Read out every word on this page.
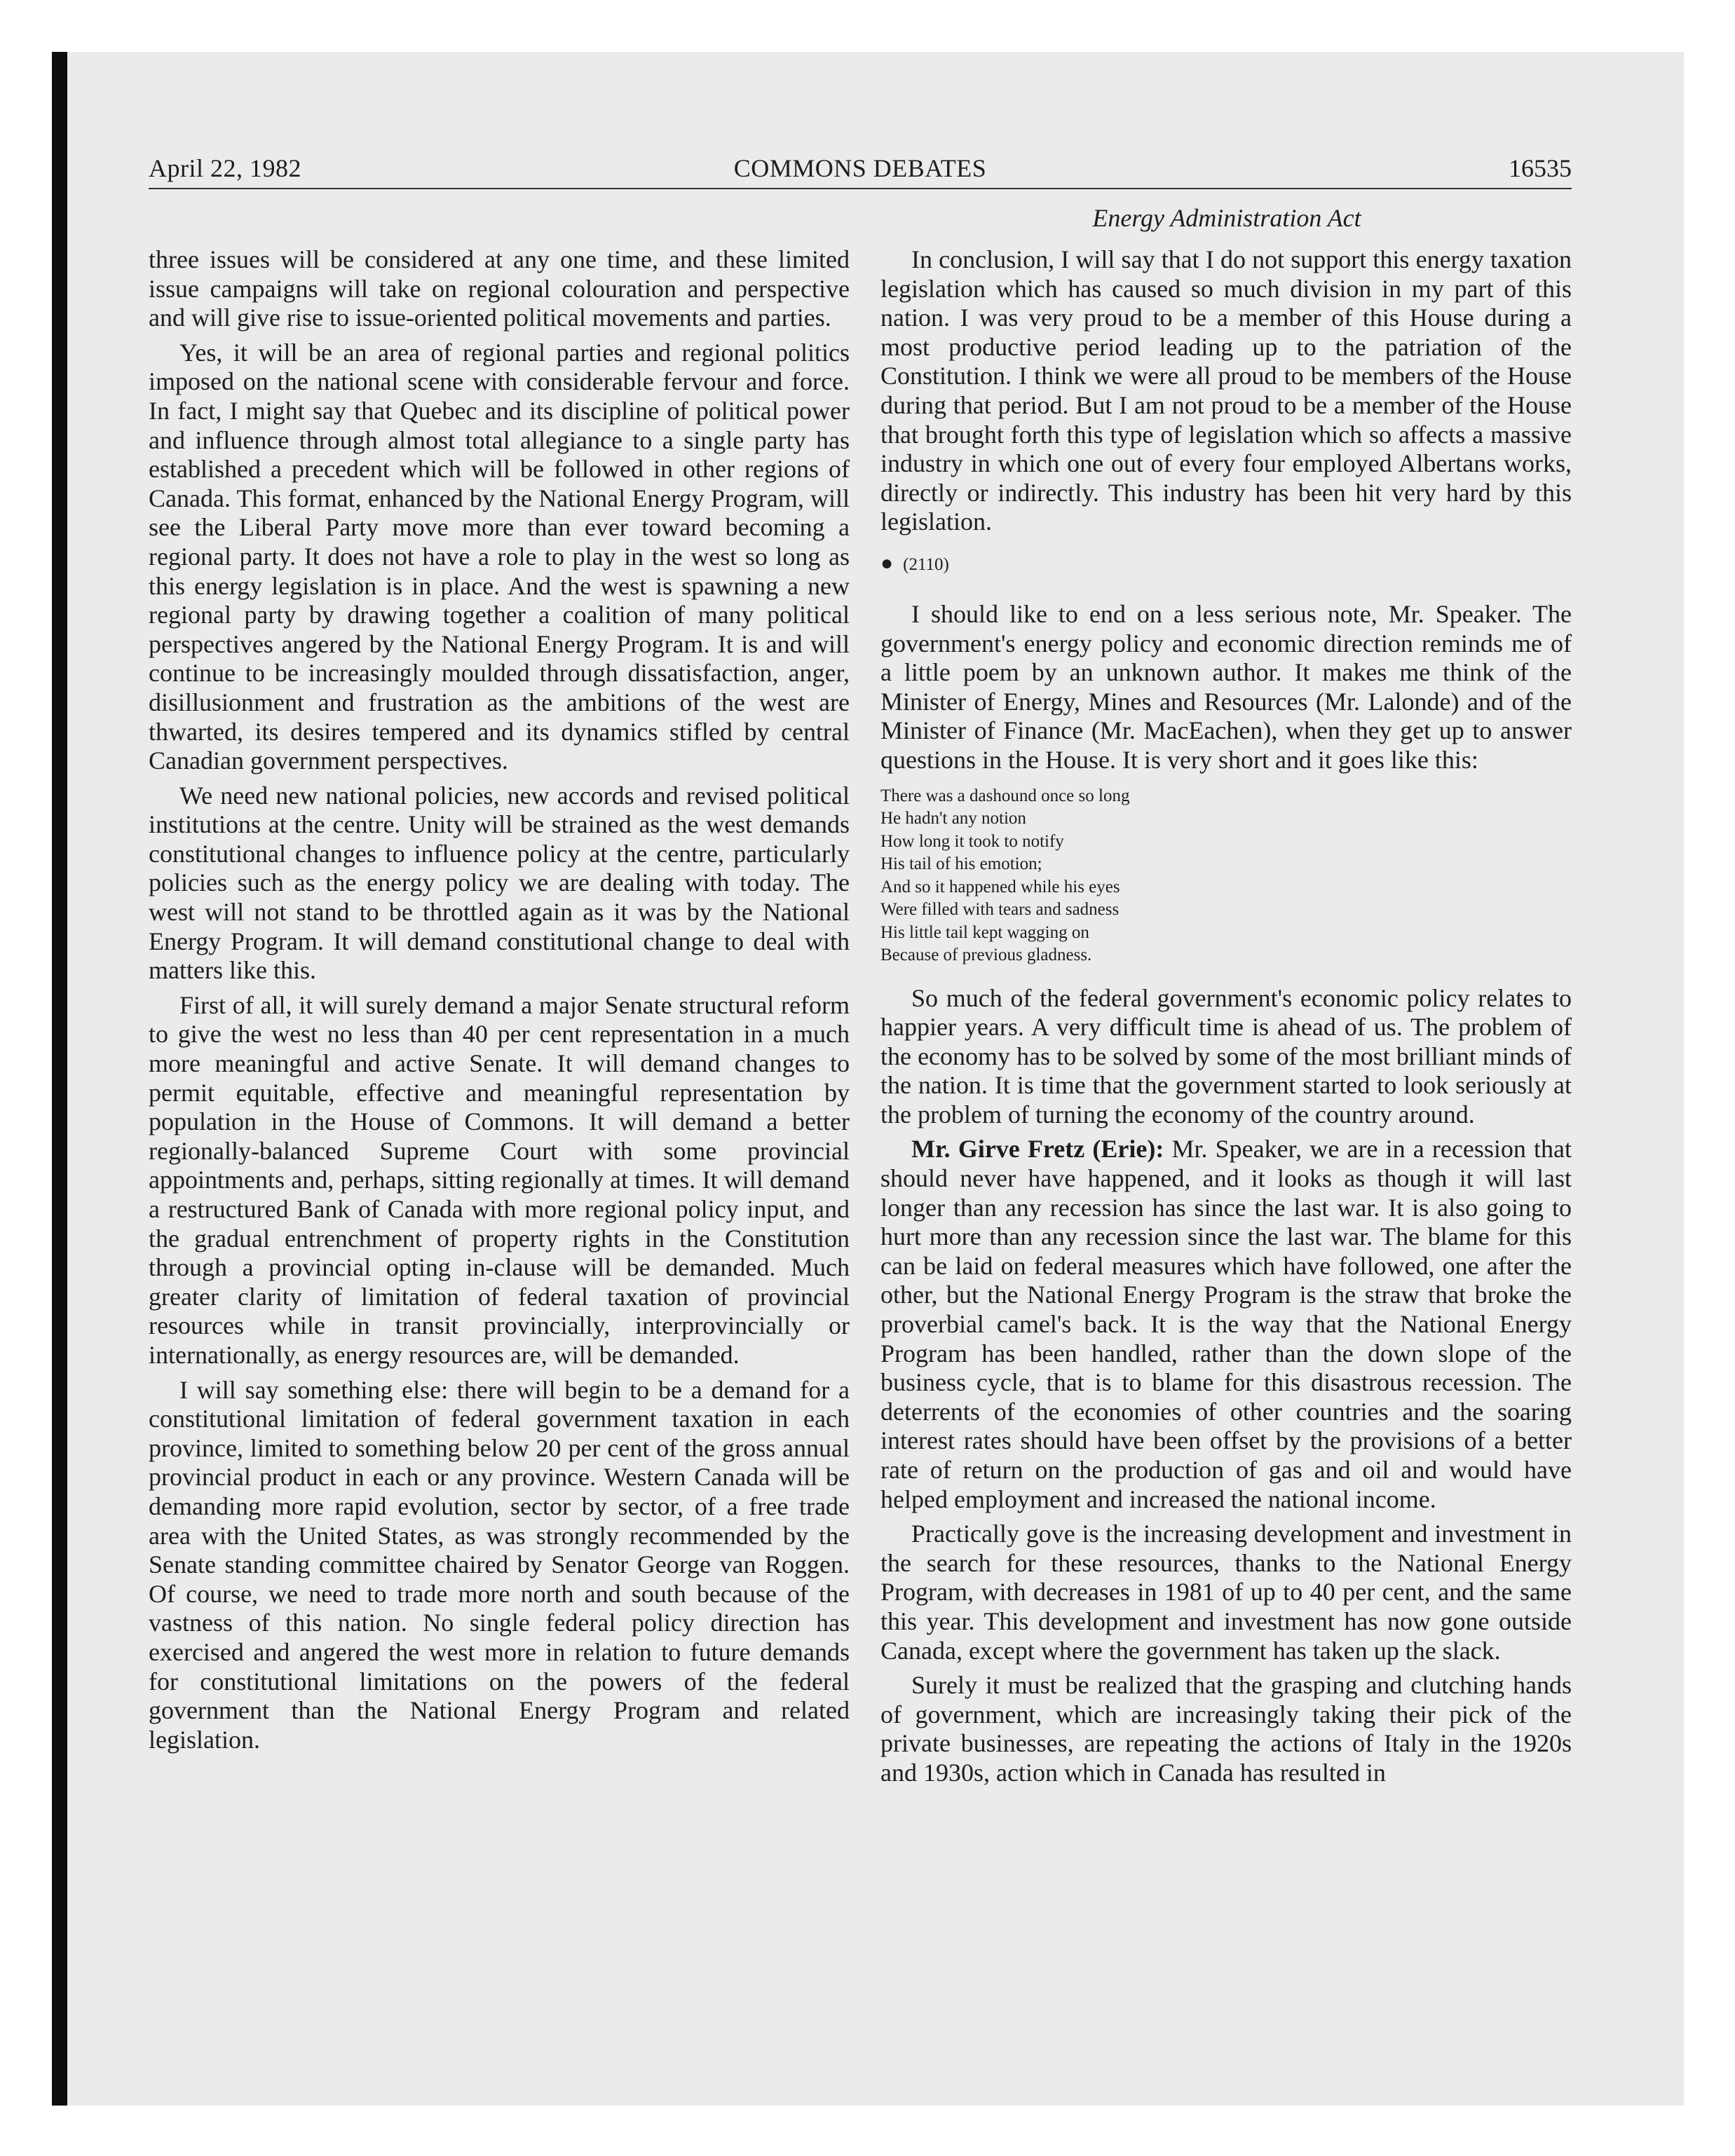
April 22, 1982	COMMONS DEBATES	16535
Energy Administration Act

three issues will be considered at any one time, and these limited issue campaigns will take on regional colouration and perspective and will give rise to issue-oriented political movements and parties.

Yes, it will be an area of regional parties and regional politics imposed on the national scene with considerable fervour and force. In fact, I might say that Quebec and its discipline of political power and influence through almost total allegiance to a single party has established a precedent which will be followed in other regions of Canada. This format, enhanced by the National Energy Program, will see the Liberal Party move more than ever toward becoming a regional party. It does not have a role to play in the west so long as this energy legislation is in place. And the west is spawning a new regional party by drawing together a coalition of many political perspectives angered by the National Energy Program. It is and will continue to be increasingly moulded through dissatisfaction, anger, disillusionment and frustration as the ambitions of the west are thwarted, its desires tempered and its dynamics stifled by central Canadian government perspectives.

We need new national policies, new accords and revised political institutions at the centre. Unity will be strained as the west demands constitutional changes to influence policy at the centre, particularly policies such as the energy policy we are dealing with today. The west will not stand to be throttled again as it was by the National Energy Program. It will demand constitutional change to deal with matters like this.

First of all, it will surely demand a major Senate structural reform to give the west no less than 40 per cent representation in a much more meaningful and active Senate. It will demand changes to permit equitable, effective and meaningful representation by population in the House of Commons. It will demand a better regionally-balanced Supreme Court with some provincial appointments and, perhaps, sitting regionally at times. It will demand a restructured Bank of Canada with more regional policy input, and the gradual entrenchment of property rights in the Constitution through a provincial opting in-clause will be demanded. Much greater clarity of limitation of federal taxation of provincial resources while in transit provincially, interprovincially or internationally, as energy resources are, will be demanded.

I will say something else: there will begin to be a demand for a constitutional limitation of federal government taxation in each province, limited to something below 20 per cent of the gross annual provincial product in each or any province. Western Canada will be demanding more rapid evolution, sector by sector, of a free trade area with the United States, as was strongly recommended by the Senate standing committee chaired by Senator George van Roggen. Of course, we need to trade more north and south because of the vastness of this nation. No single federal policy direction has exercised and angered the west more in relation to future demands for constitutional limitations on the powers of the federal government than the National Energy Program and related legislation.

In conclusion, I will say that I do not support this energy taxation legislation which has caused so much division in my part of this nation. I was very proud to be a member of this House during a most productive period leading up to the patriation of the Constitution. I think we were all proud to be members of the House during that period. But I am not proud to be a member of the House that brought forth this type of legislation which so affects a massive industry in which one out of every four employed Albertans works, directly or indirectly. This industry has been hit very hard by this legislation.

● (2110)

I should like to end on a less serious note, Mr. Speaker. The government's energy policy and economic direction reminds me of a little poem by an unknown author. It makes me think of the Minister of Energy, Mines and Resources (Mr. Lalonde) and of the Minister of Finance (Mr. MacEachen), when they get up to answer questions in the House. It is very short and it goes like this:

There was a dashound once so long
He hadn't any notion
How long it took to notify
His tail of his emotion;
And so it happened while his eyes
Were filled with tears and sadness
His little tail kept wagging on
Because of previous gladness.

So much of the federal government's economic policy relates to happier years. A very difficult time is ahead of us. The problem of the economy has to be solved by some of the most brilliant minds of the nation. It is time that the government started to look seriously at the problem of turning the economy of the country around.

Mr. Girve Fretz (Erie): Mr. Speaker, we are in a recession that should never have happened, and it looks as though it will last longer than any recession has since the last war. It is also going to hurt more than any recession since the last war. The blame for this can be laid on federal measures which have followed, one after the other, but the National Energy Program is the straw that broke the proverbial camel's back. It is the way that the National Energy Program has been handled, rather than the down slope of the business cycle, that is to blame for this disastrous recession. The deterrents of the economies of other countries and the soaring interest rates should have been offset by the provisions of a better rate of return on the production of gas and oil and would have helped employment and increased the national income.

Practically gove is the increasing development and investment in the search for these resources, thanks to the National Energy Program, with decreases in 1981 of up to 40 per cent, and the same this year. This development and investment has now gone outside Canada, except where the government has taken up the slack.

Surely it must be realized that the grasping and clutching hands of government, which are increasingly taking their pick of the private businesses, are repeating the actions of Italy in the 1920s and 1930s, action which in Canada has resulted in
